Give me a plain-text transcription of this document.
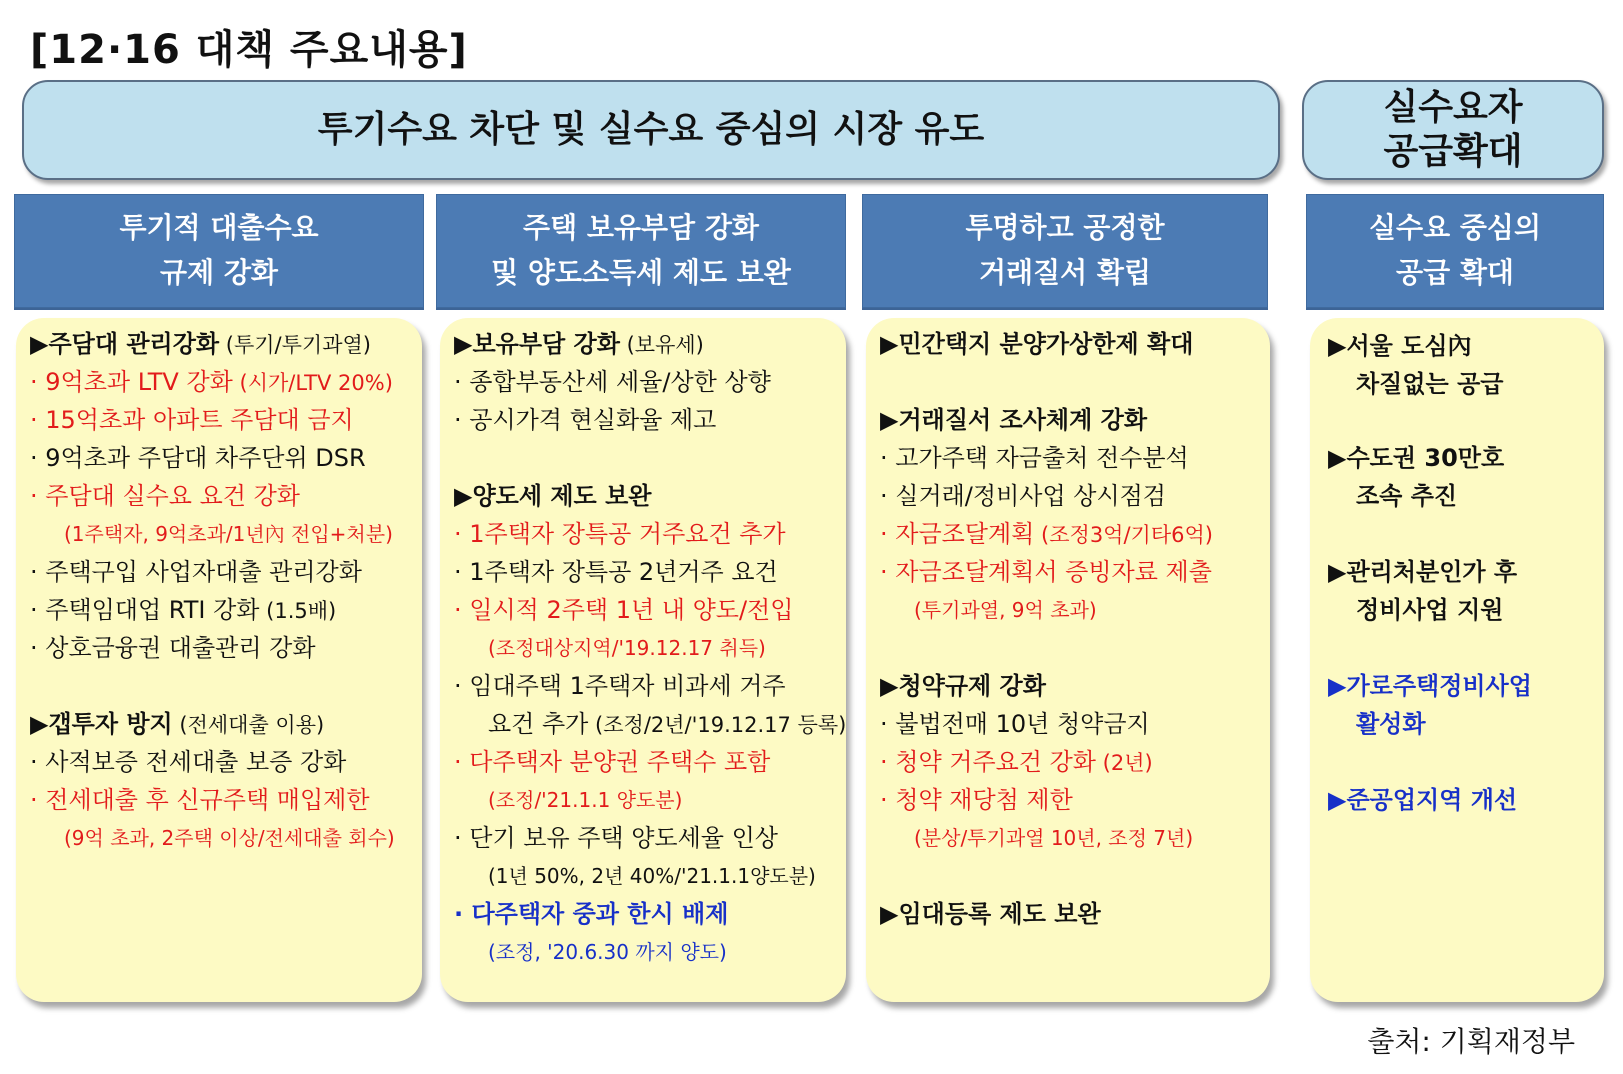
[12·16 대책 주요내용]
투기수요 차단 및 실수요 중심의 시장 유도
실수요자
공급확대
투기적 대출수요
규제 강화
주택 보유부담 강화
및 양도소득세 제도 보완
투명하고 공정한
거래질서 확립
실수요 중심의
공급 확대
▶주담대 관리강화 (투기/투기과열)
· 9억초과 LTV 강화 (시가/LTV 20%)
· 15억초과 아파트 주담대 금지
· 9억초과 주담대 차주단위 DSR
· 주담대 실수요 요건 강화
(1주택자, 9억초과/1년內 전입+처분)
· 주택구입 사업자대출 관리강화
· 주택임대업 RTI 강화 (1.5배)
· 상호금융권 대출관리 강화
▶갭투자 방지 (전세대출 이용)
· 사적보증 전세대출 보증 강화
· 전세대출 후 신규주택 매입제한
(9억 초과, 2주택 이상/전세대출 회수)
▶보유부담 강화 (보유세)
· 종합부동산세 세율/상한 상향
· 공시가격 현실화율 제고
▶양도세 제도 보완
· 1주택자 장특공 거주요건 추가
· 1주택자 장특공 2년거주 요건
· 일시적 2주택 1년 내 양도/전입
(조정대상지역/'19.12.17 취득)
· 임대주택 1주택자 비과세 거주
요건 추가 (조정/2년/'19.12.17 등록)
· 다주택자 분양권 주택수 포함
(조정/'21.1.1 양도분)
· 단기 보유 주택 양도세율 인상
(1년 50%, 2년 40%/'21.1.1양도분)
· 다주택자 중과 한시 배제
(조정, '20.6.30 까지 양도)
▶민간택지 분양가상한제 확대
▶거래질서 조사체계 강화
· 고가주택 자금출처 전수분석
· 실거래/정비사업 상시점검
· 자금조달계획 (조정3억/기타6억)
· 자금조달계획서 증빙자료 제출
(투기과열, 9억 초과)
▶청약규제 강화
· 불법전매 10년 청약금지
· 청약 거주요건 강화 (2년)
· 청약 재당첨 제한
(분상/투기과열 10년, 조정 7년)
▶임대등록 제도 보완
▶서울 도심內
차질없는 공급
▶수도권 30만호
조속 추진
▶관리처분인가 후
정비사업 지원
▶가로주택정비사업
활성화
▶준공업지역 개선
출처: 기획재정부
